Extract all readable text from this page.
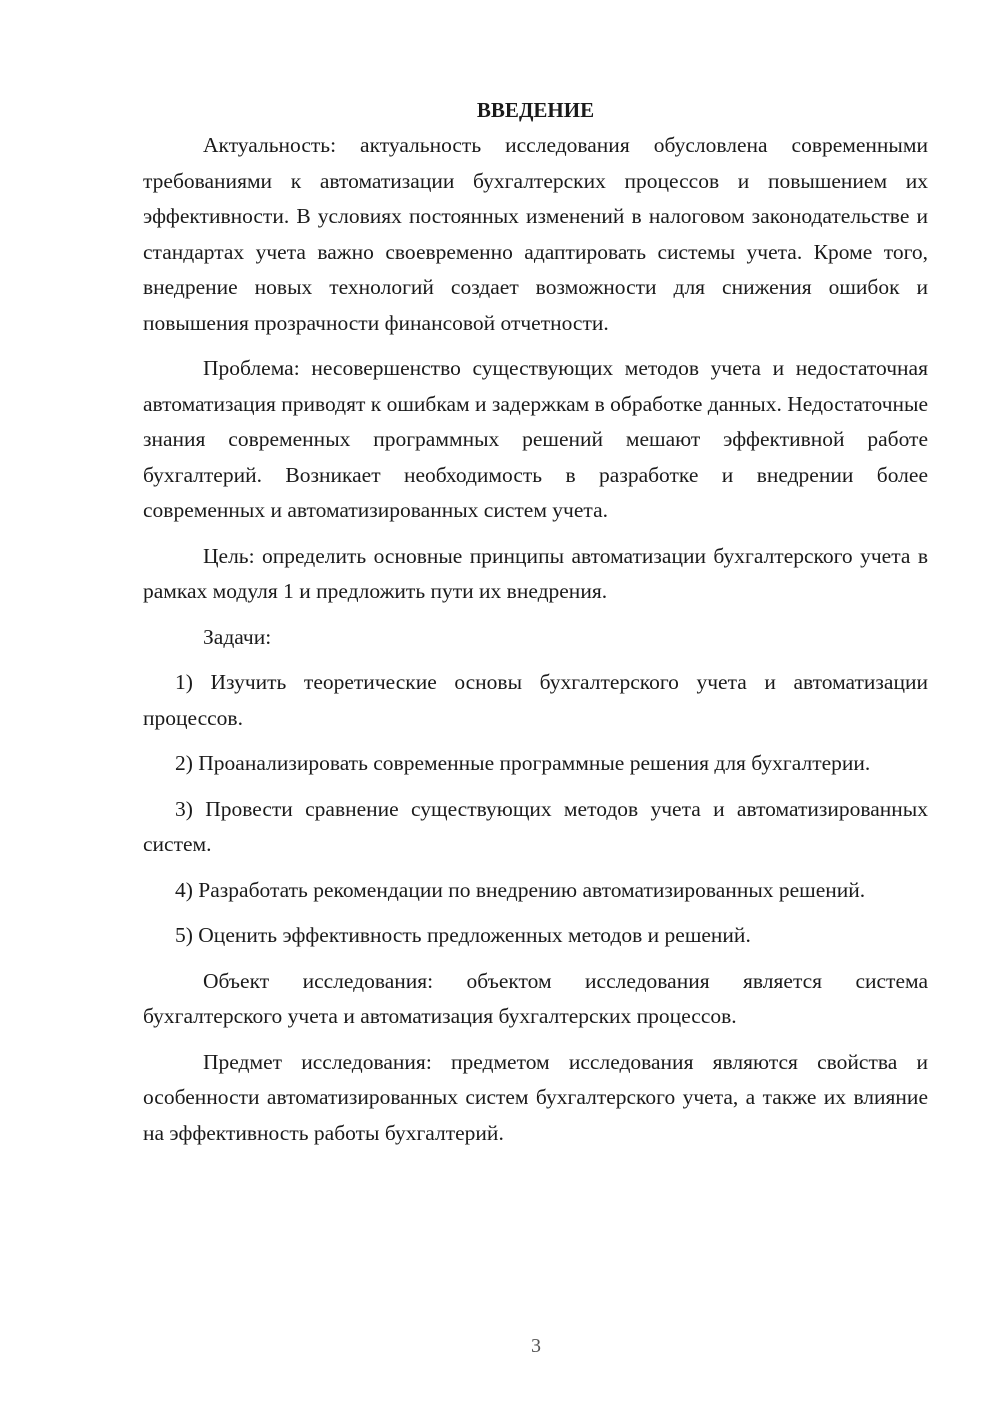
ВВЕДЕНИЕ

Актуальность: актуальность исследования обусловлена современными требованиями к автоматизации бухгалтерских процессов и повышением их эффективности. В условиях постоянных изменений в налоговом законодательстве и стандартах учета важно своевременно адаптировать системы учета. Кроме того, внедрение новых технологий создает возможности для снижения ошибок и повышения прозрачности финансовой отчетности.

Проблема: несовершенство существующих методов учета и недостаточная автоматизация приводят к ошибкам и задержкам в обработке данных. Недостаточные знания современных программных решений мешают эффективной работе бухгалтерий. Возникает необходимость в разработке и внедрении более современных и автоматизированных систем учета.

Цель: определить основные принципы автоматизации бухгалтерского учета в рамках модуля 1 и предложить пути их внедрения.

Задачи:

1) Изучить теоретические основы бухгалтерского учета и автоматизации процессов.

2) Проанализировать современные программные решения для бухгалтерии.

3) Провести сравнение существующих методов учета и автоматизированных систем.

4) Разработать рекомендации по внедрению автоматизированных решений.

5) Оценить эффективность предложенных методов и решений.

Объект исследования: объектом исследования является система бухгалтерского учета и автоматизация бухгалтерских процессов.

Предмет исследования: предметом исследования являются свойства и особенности автоматизированных систем бухгалтерского учета, а также их влияние на эффективность работы бухгалтерий.

3
